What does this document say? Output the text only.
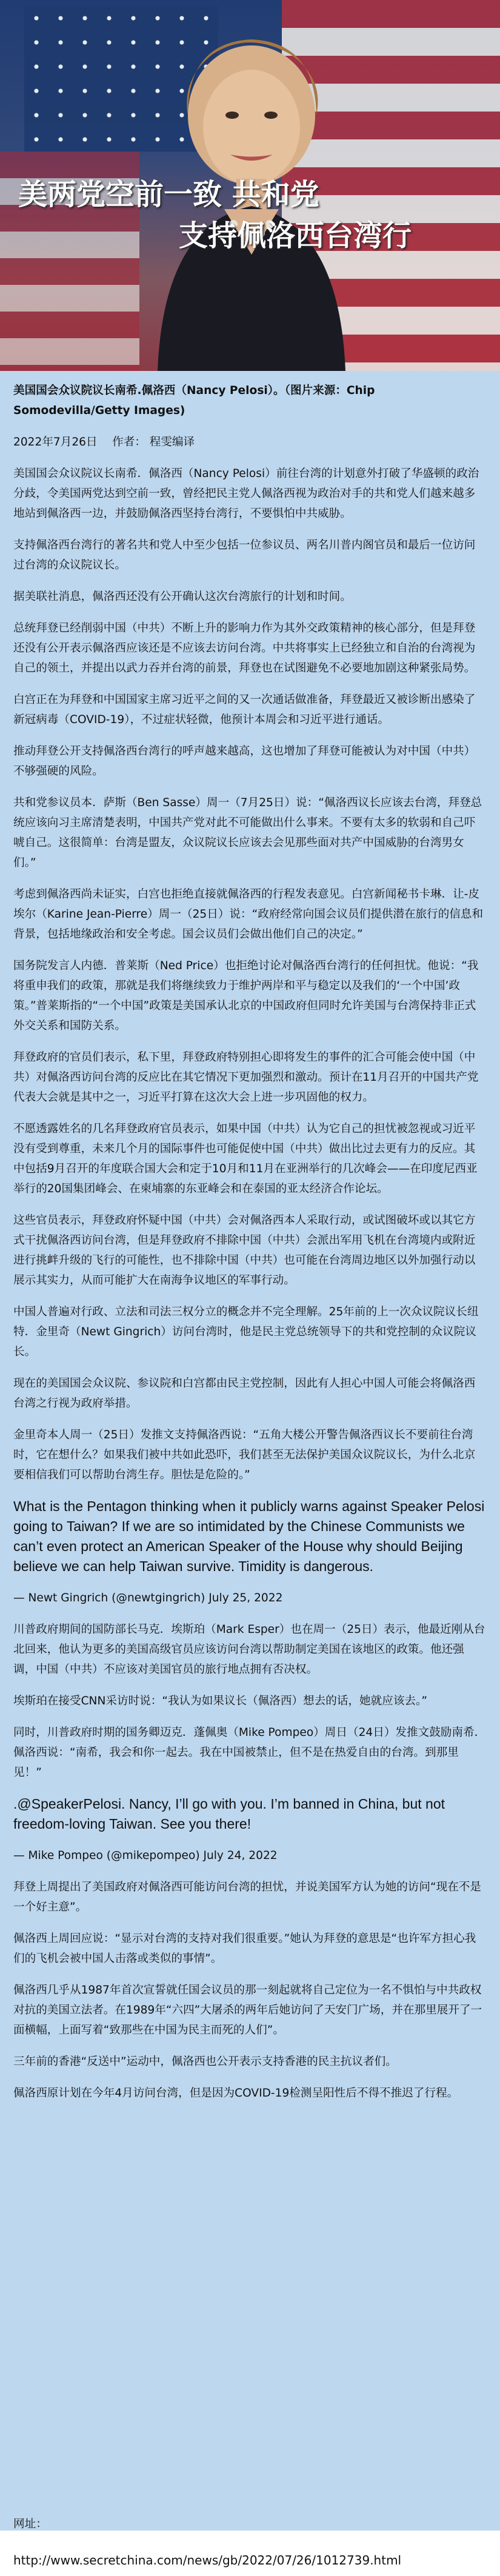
美两党空前一致 共和党
支持佩洛西台湾行

美国国会众议院议长南希.佩洛西（Nancy Pelosi）。（图片来源：Chip Somodevilla/Getty Images)

2022年7月26日　 作者： 程雯编译

美国国会众议院议长南希．佩洛西（Nancy Pelosi）前往台湾的计划意外打破了华盛顿的政治分歧，令美国两党达到空前一致，曾经把民主党人佩洛西视为政治对手的共和党人们越来越多地站到佩洛西一边，并鼓励佩洛西坚持台湾行，不要惧怕中共威胁。

支持佩洛西台湾行的著名共和党人中至少包括一位参议员、两名川普内阁官员和最后一位访问过台湾的众议院议长。

据美联社消息，佩洛西还没有公开确认这次台湾旅行的计划和时间。

总统拜登已经削弱中国（中共）不断上升的影响力作为其外交政策精神的核心部分，但是拜登还没有公开表示佩洛西应该还是不应该去访问台湾。中共将事实上已经独立和自治的台湾视为自己的领土，并提出以武力吞并台湾的前景，拜登也在试图避免不必要地加剧这种紧张局势。

白宫正在为拜登和中国国家主席习近平之间的又一次通话做准备，拜登最近又被诊断出感染了新冠病毒（COVID-19），不过症状轻微，他预计本周会和习近平进行通话。

推动拜登公开支持佩洛西台湾行的呼声越来越高，这也增加了拜登可能被认为对中国（中共）不够强硬的风险。

共和党参议员本．萨斯（Ben Sasse）周一（7月25日）说：“佩洛西议长应该去台湾，拜登总统应该向习主席清楚表明，中国共产党对此不可能做出什么事来。不要有太多的软弱和自己吓唬自己。这很简单：台湾是盟友，众议院议长应该去会见那些面对共产中国威胁的台湾男女们。”

考虑到佩洛西尚未证实，白宫也拒绝直接就佩洛西的行程发表意见。白宫新闻秘书卡琳．让-皮埃尔（Karine Jean-Pierre）周一（25日）说：“政府经常向国会议员们提供潜在旅行的信息和背景，包括地缘政治和安全考虑。国会议员们会做出他们自己的决定。”

国务院发言人内德．普莱斯（Ned Price）也拒绝讨论对佩洛西台湾行的任何担忧。他说：“我将重申我们的政策，那就是我们将继续致力于维护两岸和平与稳定以及我们的‘一个中国’政策。”普莱斯指的“一个中国”政策是美国承认北京的中国政府但同时允许美国与台湾保持非正式外交关系和国防关系。

拜登政府的官员们表示，私下里，拜登政府特别担心即将发生的事件的汇合可能会使中国（中共）对佩洛西访问台湾的反应比在其它情况下更加强烈和激动。预计在11月召开的中国共产党代表大会就是其中之一，习近平打算在这次大会上进一步巩固他的权力。

不愿透露姓名的几名拜登政府官员表示，如果中国（中共）认为它自己的担忧被忽视或习近平没有受到尊重，未来几个月的国际事件也可能促使中国（中共）做出比过去更有力的反应。其中包括9月召开的年度联合国大会和定于10月和11月在亚洲举行的几次峰会——在印度尼西亚举行的20国集团峰会、在柬埔寨的东亚峰会和在泰国的亚太经济合作论坛。

这些官员表示，拜登政府怀疑中国（中共）会对佩洛西本人采取行动，或试图破坏或以其它方式干扰佩洛西访问台湾，但是拜登政府不排除中国（中共）会派出军用飞机在台湾境内或附近进行挑衅升级的飞行的可能性，也不排除中国（中共）也可能在台湾周边地区以外加强行动以展示其实力，从而可能扩大在南海争议地区的军事行动。

中国人普遍对行政、立法和司法三权分立的概念并不完全理解。25年前的上一次众议院议长纽特．金里奇（Newt Gingrich）访问台湾时，他是民主党总统领导下的共和党控制的众议院议长。

现在的美国国会众议院、参议院和白宫都由民主党控制，因此有人担心中国人可能会将佩洛西台湾之行视为政府举措。

金里奇本人周一（25日）发推文支持佩洛西说：“五角大楼公开警告佩洛西议长不要前往台湾时，它在想什么？如果我们被中共如此恐吓，我们甚至无法保护美国众议院议长，为什么北京要相信我们可以帮助台湾生存。胆怯是危险的。”

What is the Pentagon thinking when it publicly warns against Speaker Pelosi going to Taiwan? If we are so intimidated by the Chinese Communists we can’t even protect an American Speaker of the House why should Beijing believe we can help Taiwan survive. Timidity is dangerous.

— Newt Gingrich (@newtgingrich) July 25, 2022

川普政府期间的国防部长马克．埃斯珀（Mark Esper）也在周一（25日）表示，他最近刚从台北回来，他认为更多的美国高级官员应该访问台湾以帮助制定美国在该地区的政策。他还强调，中国（中共）不应该对美国官员的旅行地点拥有否决权。

埃斯珀在接受CNN采访时说：“我认为如果议长（佩洛西）想去的话，她就应该去。”

同时，川普政府时期的国务卿迈克．蓬佩奥（Mike Pompeo）周日（24日）发推文鼓励南希．佩洛西说：“南希，我会和你一起去。我在中国被禁止，但不是在热爱自由的台湾。到那里见！”

.@SpeakerPelosi. Nancy, I’ll go with you. I’m banned in China, but not freedom-loving Taiwan. See you there!

— Mike Pompeo (@mikepompeo) July 24, 2022

拜登上周提出了美国政府对佩洛西可能访问台湾的担忧，并说美国军方认为她的访问“现在不是一个好主意”。

佩洛西上周回应说：“显示对台湾的支持对我们很重要。”她认为拜登的意思是“也许军方担心我们的飞机会被中国人击落或类似的事情”。

佩洛西几乎从1987年首次宣誓就任国会议员的那一刻起就将自己定位为一名不惧怕与中共政权对抗的美国立法者。在1989年“六四”大屠杀的两年后她访问了天安门广场，并在那里展开了一面横幅，上面写着“致那些在中国为民主而死的人们”。

三年前的香港“反送中”运动中，佩洛西也公开表示支持香港的民主抗议者们。

佩洛西原计划在今年4月访问台湾，但是因为COVID-19检测呈阳性后不得不推迟了行程。

网址：
http://www.secretchina.com/news/gb/2022/07/26/1012739.html
